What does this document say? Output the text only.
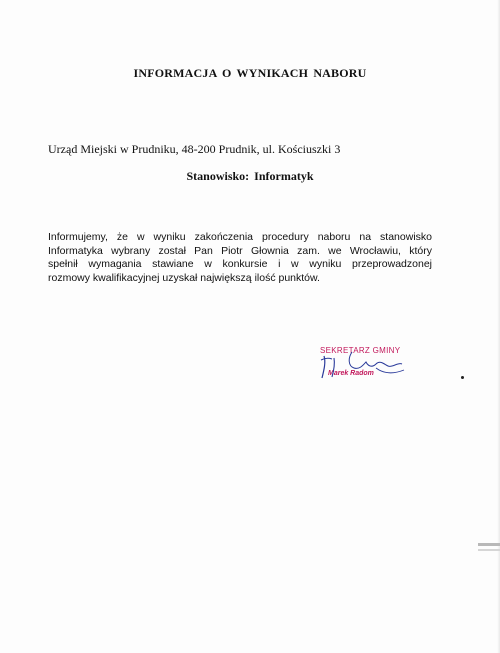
INFORMACJA O WYNIKACH NABORU
Urząd Miejski w Prudniku, 48-200 Prudnik, ul. Kościuszki 3
Stanowisko: Informatyk
Informujemy, że w wyniku zakończenia procedury naboru na stanowisko
Informatyka wybrany został Pan Piotr Głownia zam. we Wrocławiu, który
spełnił wymagania stawiane w konkursie i w wyniku przeprowadzonej
rozmowy kwalifikacyjnej uzyskał największą ilość punktów.
SEKRETARZ GMINY
Marek Radom
